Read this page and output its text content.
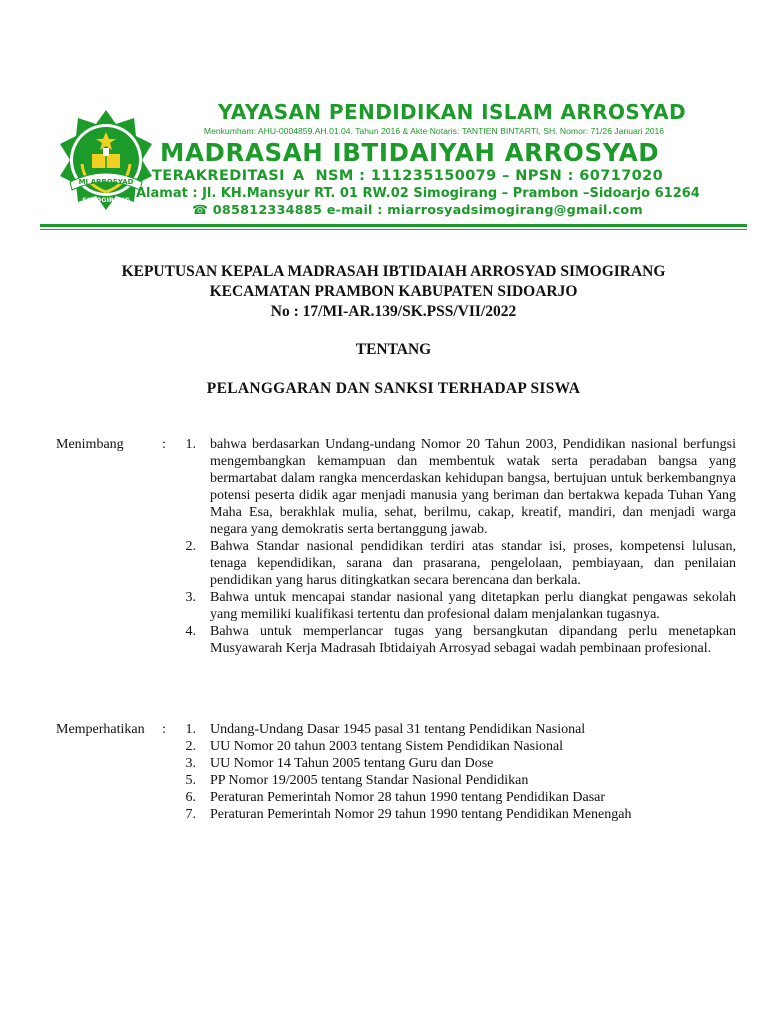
MI ARROSYAD
SIMOGIRANG
YAYASAN PENDIDIKAN ISLAM ARROSYAD
Menkumham: AHU-0004859.AH.01.04. Tahun 2016 & Akte Notaris: TANTIEN BINTARTI, SH. Nomor: 71/26 Januari 2016
MADRASAH IBTIDAIYAH ARROSYAD
TERAKREDITASI A NSM : 111235150079 – NPSN : 60717020
Alamat : Jl. KH.Mansyur RT. 01 RW.02 Simogirang – Prambon –Sidoarjo 61264
☎ 085812334885 e-mail : miarrosyadsimogirang@gmail.com
KEPUTUSAN KEPALA MADRASAH IBTIDAIAH ARROSYAD SIMOGIRANG
KECAMATAN PRAMBON KABUPATEN SIDOARJO
No : 17/MI-AR.139/SK.PSS/VII/2022
TENTANG
PELANGGARAN DAN SANKSI TERHADAP SISWA
Menimbang	:	1. bahwa berdasarkan Undang-undang Nomor 20 Tahun 2003, Pendidikan nasional berfungsi mengembangkan kemampuan dan membentuk watak serta peradaban bangsa yang bermartabat dalam rangka mencerdaskan kehidupan bangsa, bertujuan untuk berkembangnya potensi peserta didik agar menjadi manusia yang beriman dan bertakwa kepada Tuhan Yang Maha Esa, berakhlak mulia, sehat, berilmu, cakap, kreatif, mandiri, dan menjadi warga negara yang demokratis serta bertanggung jawab.
2. Bahwa Standar nasional pendidikan terdiri atas standar isi, proses, kompetensi lulusan, tenaga kependidikan, sarana dan prasarana, pengelolaan, pembiayaan, dan penilaian pendidikan yang harus ditingkatkan secara berencana dan berkala.
3. Bahwa untuk mencapai standar nasional yang ditetapkan perlu diangkat pengawas sekolah yang memiliki kualifikasi tertentu dan profesional dalam menjalankan tugasnya.
4. Bahwa untuk memperlancar tugas yang bersangkutan dipandang perlu menetapkan Musyawarah Kerja Madrasah Ibtidaiyah Arrosyad sebagai wadah pembinaan profesional.
Memperhatikan :	1. Undang-Undang Dasar 1945 pasal 31 tentang Pendidikan Nasional
2. UU Nomor 20 tahun 2003 tentang Sistem Pendidikan Nasional
3. UU Nomor 14 Tahun 2005 tentang Guru dan Dose
5. PP Nomor 19/2005 tentang Standar Nasional Pendidikan
6. Peraturan Pemerintah Nomor 28 tahun 1990 tentang Pendidikan Dasar
7. Peraturan Pemerintah Nomor 29 tahun 1990 tentang Pendidikan Menengah
